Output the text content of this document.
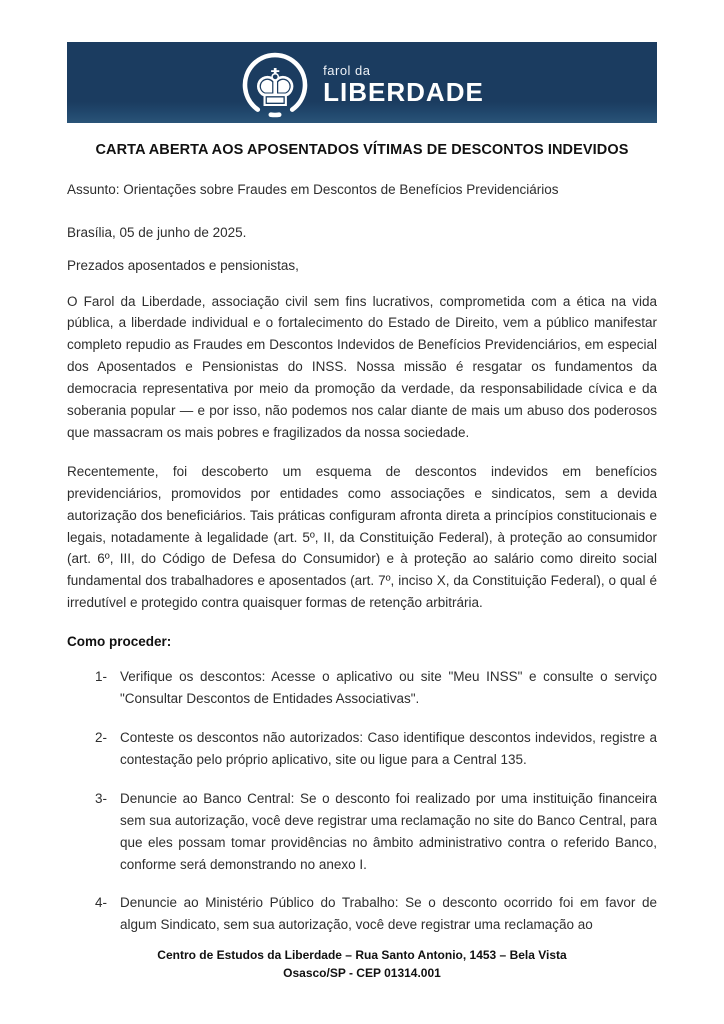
♚	farol da
LIBERDADE
CARTA ABERTA AOS APOSENTADOS VÍTIMAS DE DESCONTOS INDEVIDOS
Assunto: Orientações sobre Fraudes em Descontos de Benefícios Previdenciários
Brasília, 05 de junho de 2025.
Prezados aposentados e pensionistas,
O Farol da Liberdade, associação civil sem fins lucrativos, comprometida com a ética na vida pública, a liberdade individual e o fortalecimento do Estado de Direito, vem a público manifestar completo repudio as Fraudes em Descontos Indevidos de Benefícios Previdenciários, em especial dos Aposentados e Pensionistas do INSS. Nossa missão é resgatar os fundamentos da democracia representativa por meio da promoção da verdade, da responsabilidade cívica e da soberania popular — e por isso, não podemos nos calar diante de mais um abuso dos poderosos que massacram os mais pobres e fragilizados da nossa sociedade.
Recentemente, foi descoberto um esquema de descontos indevidos em benefícios previdenciários, promovidos por entidades como associações e sindicatos, sem a devida autorização dos beneficiários. Tais práticas configuram afronta direta a princípios constitucionais e legais, notadamente à legalidade (art. 5º, II, da Constituição Federal), à proteção ao consumidor (art. 6º, III, do Código de Defesa do Consumidor) e à proteção ao salário como direito social fundamental dos trabalhadores e aposentados (art. 7º, inciso X, da Constituição Federal), o qual é irredutível e protegido contra quaisquer formas de retenção arbitrária.
Como proceder:
1- Verifique os descontos: Acesse o aplicativo ou site "Meu INSS" e consulte o serviço "Consultar Descontos de Entidades Associativas".
2- Conteste os descontos não autorizados: Caso identifique descontos indevidos, registre a contestação pelo próprio aplicativo, site ou ligue para a Central 135.
3- Denuncie ao Banco Central: Se o desconto foi realizado por uma instituição financeira sem sua autorização, você deve registrar uma reclamação no site do Banco Central, para que eles possam tomar providências no âmbito administrativo contra o referido Banco, conforme será demonstrando no anexo I.
4- Denuncie ao Ministério Público do Trabalho: Se o desconto ocorrido foi em favor de algum Sindicato, sem sua autorização, você deve registrar uma reclamação ao
Centro de Estudos da Liberdade – Rua Santo Antonio, 1453 – Bela Vista
Osasco/SP - CEP 01314.001
